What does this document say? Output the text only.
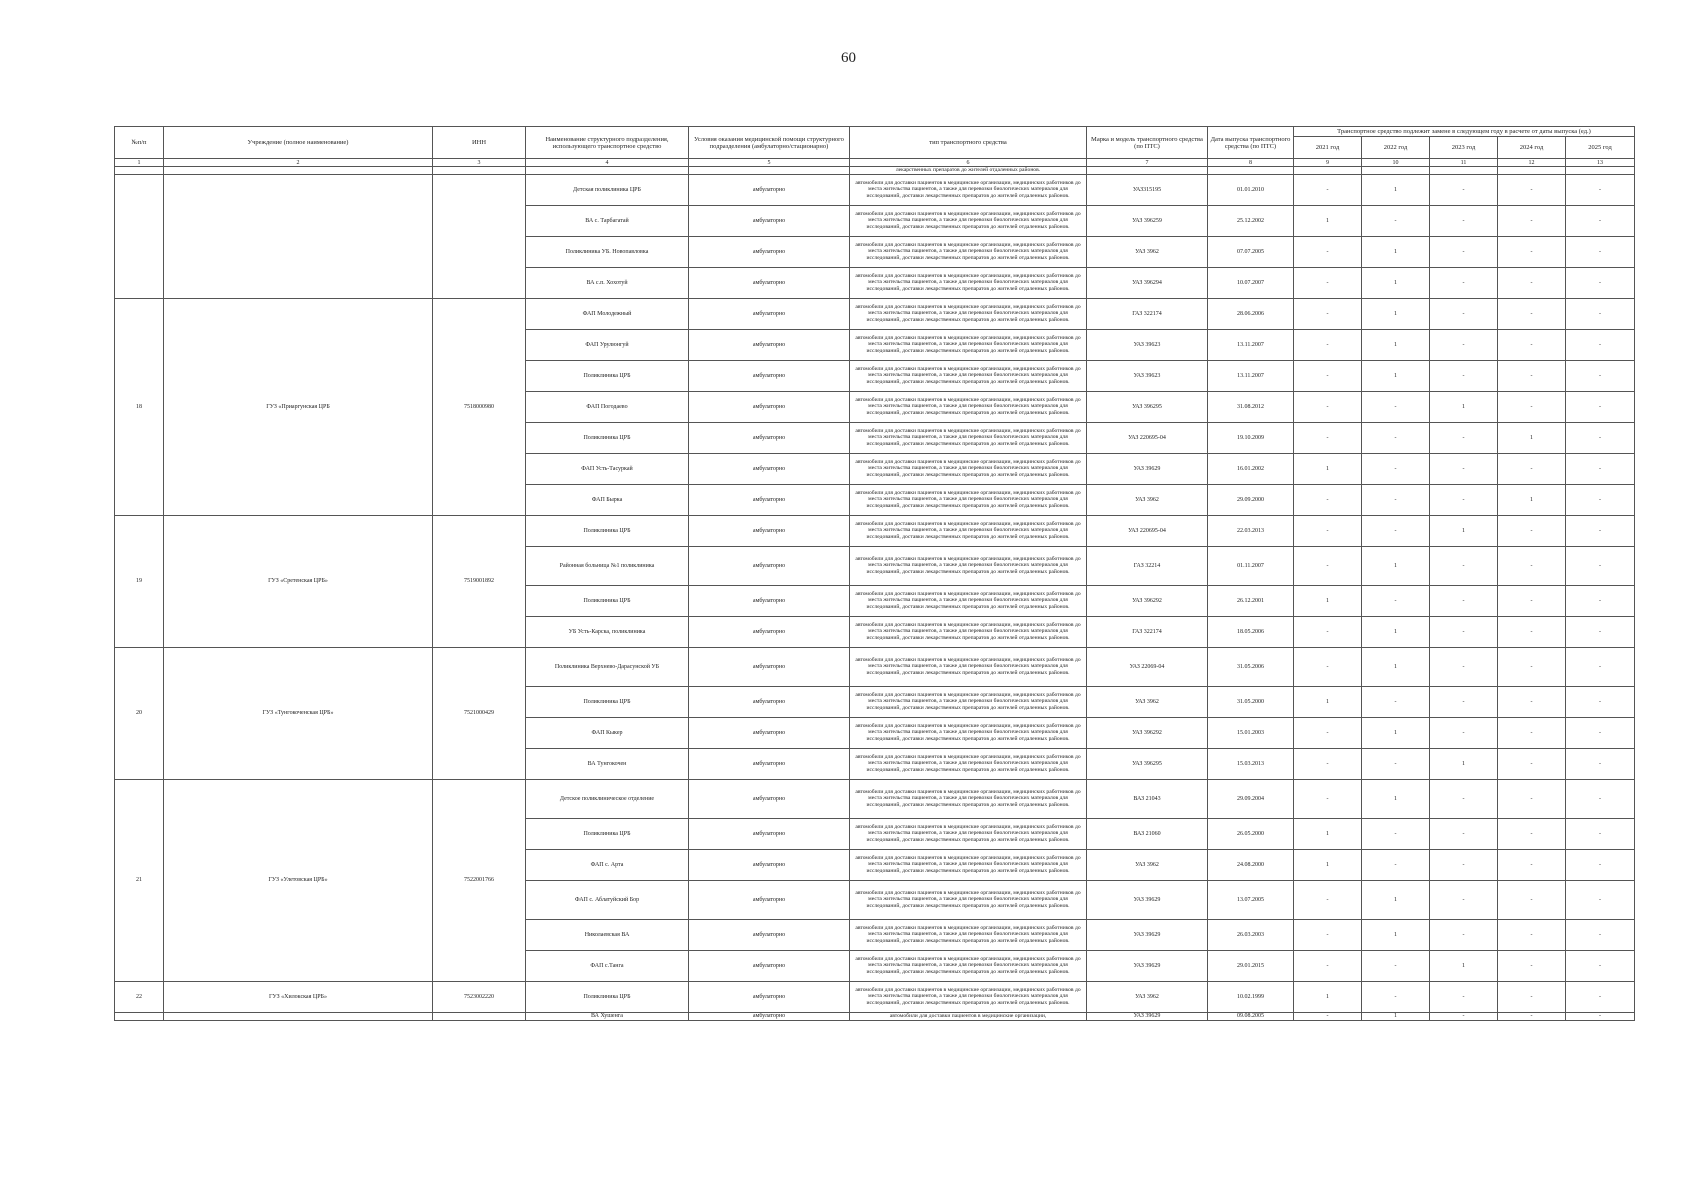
60
№п/п	Учреждение (полное наименование)	ИНН	Наименование структурного подразделения, использующего транспортное средство	Условия оказания медицинской помощи структурного подразделения (амбулаторно/стационарно)	тип транспортного средства	Марка и модель транспортного средства (по ПТС)	Дата выпуска транспортного средства (по ПТС)	Транспортное средство подлежит замене в следующем году в расчете от даты выпуска (ед.)				
								2021 год	2022 год	2023 год	2024 год	2025 год
1	2	3	4	5	6	7	8	9	10	11	12	13
					лекарственных препаратов до жителей отдаленных районов.							
			Детская поликлиника ЦРБ	амбулаторно	автомобили для доставки пациентов в медицинские организации, медицинских работников до места жительства пациентов, а также для перевозки биологических материалов для исследований, доставки лекарственных препаратов до жителей отдаленных районов.	УАЗ315195	01.01.2010	-	1	-	-	-
			ВА с. Тарбагатай	амбулаторно	автомобили для доставки пациентов в медицинские организации, медицинских работников до места жительства пациентов, а также для перевозки биологических материалов для исследований, доставки лекарственных препаратов до жителей отдаленных районов.	УАЗ 396259	25.12.2002	1	-	-	-	-
			Поликлиника УБ. Новопавловка	амбулаторно	автомобили для доставки пациентов в медицинские организации, медицинских работников до места жительства пациентов, а также для перевозки биологических материалов для исследований, доставки лекарственных препаратов до жителей отдаленных районов.	УАЗ 3962	07.07.2005	-	1	-	-	-
			ВА с.п. Хохотуй	амбулаторно	автомобили для доставки пациентов в медицинские организации, медицинских работников до места жительства пациентов, а также для перевозки биологических материалов для исследований, доставки лекарственных препаратов до жителей отдаленных районов.	УАЗ 396294	10.07.2007	-	1	-	-	-
18	ГУЗ «Приаргунская ЦРБ	7518000980	ФАП Молодежный	амбулаторно	автомобили для доставки пациентов в медицинские организации, медицинских работников до места жительства пациентов, а также для перевозки биологических материалов для исследований, доставки лекарственных препаратов до жителей отдаленных районов.	ГАЗ 322174	28.06.2006	-	1	-	-	-
			ФАП Урулюнгуй	амбулаторно	автомобили для доставки пациентов в медицинские организации, медицинских работников до места жительства пациентов, а также для перевозки биологических материалов для исследований, доставки лекарственных препаратов до жителей отдаленных районов.	УАЗ 39623	13.11.2007	-	1	-	-	-
			Поликлиника ЦРБ	амбулаторно	автомобили для доставки пациентов в медицинские организации, медицинских работников до места жительства пациентов, а также для перевозки биологических материалов для исследований, доставки лекарственных препаратов до жителей отдаленных районов.	УАЗ 39623	13.11.2007	-	1	-	-	-
			ФАП Погодаево	амбулаторно	автомобили для доставки пациентов в медицинские организации, медицинских работников до места жительства пациентов, а также для перевозки биологических материалов для исследований, доставки лекарственных препаратов до жителей отдаленных районов.	УАЗ 396295	31.08.2012	-	-	1	-	-
			Поликлиника ЦРБ	амбулаторно	автомобили для доставки пациентов в медицинские организации, медицинских работников до места жительства пациентов, а также для перевозки биологических материалов для исследований, доставки лекарственных препаратов до жителей отдаленных районов.	УАЗ 220695-04	19.10.2009	-	-	-	1	-
			ФАП Усть-Тасуркай	амбулаторно	автомобили для доставки пациентов в медицинские организации, медицинских работников до места жительства пациентов, а также для перевозки биологических материалов для исследований, доставки лекарственных препаратов до жителей отдаленных районов.	УАЗ 39629	16.01.2002	1	-	-	-	-
			ФАП Бырка	амбулаторно	автомобили для доставки пациентов в медицинские организации, медицинских работников до места жительства пациентов, а также для перевозки биологических материалов для исследований, доставки лекарственных препаратов до жителей отдаленных районов.	УАЗ 3962	29.09.2000	-	-	-	1	-
19	ГУЗ «Сретенская ЦРБ»	7519001892	Поликлиника ЦРБ	амбулаторно	автомобили для доставки пациентов в медицинские организации, медицинских работников до места жительства пациентов, а также для перевозки биологических материалов для исследований, доставки лекарственных препаратов до жителей отдаленных районов.	УАЗ 220695-04	22.03.2013	-	-	1	-	-
			Районная больница №1 поликлиника	амбулаторно	автомобили для доставки пациентов в медицинские организации, медицинских работников до места жительства пациентов, а также для перевозки биологических материалов для исследований, доставки лекарственных препаратов до жителей отдаленных районов.	ГАЗ 32214	01.11.2007	-	1	-	-	-
			Поликлиника ЦРБ	амбулаторно	автомобили для доставки пациентов в медицинские организации, медицинских работников до места жительства пациентов, а также для перевозки биологических материалов для исследований, доставки лекарственных препаратов до жителей отдаленных районов.	УАЗ 396292	26.12.2001	1	-	-	-	-
			УБ Усть-Карска, поликлиника	амбулаторно	автомобили для доставки пациентов в медицинские организации, медицинских работников до места жительства пациентов, а также для перевозки биологических материалов для исследований, доставки лекарственных препаратов до жителей отдаленных районов.	ГАЗ 322174	18.05.2006	-	1	-	-	-
20	ГУЗ «Тунгокоченская ЦРБ»	7521000429	Поликлиника Верхнево-Дарасунской УБ	амбулаторно	автомобили для доставки пациентов в медицинские организации, медицинских работников до места жительства пациентов, а также для перевозки биологических материалов для исследований, доставки лекарственных препаратов до жителей отдаленных районов.	УАЗ 22069-04	31.05.2006	-	1	-	-	-
			Поликлиника ЦРБ	амбулаторно	автомобили для доставки пациентов в медицинские организации, медицинских работников до места жительства пациентов, а также для перевозки биологических материалов для исследований, доставки лекарственных препаратов до жителей отдаленных районов.	УАЗ 3962	31.05.2000	1	-	-	-	-
			ФАП Кыкер	амбулаторно	автомобили для доставки пациентов в медицинские организации, медицинских работников до места жительства пациентов, а также для перевозки биологических материалов для исследований, доставки лекарственных препаратов до жителей отдаленных районов.	УАЗ 396292	15.01.2003	-	1	-	-	-
			ВА Тунгокочен	амбулаторно	автомобили для доставки пациентов в медицинские организации, медицинских работников до места жительства пациентов, а также для перевозки биологических материалов для исследований, доставки лекарственных препаратов до жителей отдаленных районов.	УАЗ 396295	15.03.2013	-	-	1	-	-
21	ГУЗ «Улетовская ЦРБ»	7522001766	Детское поликлиническое отделение	амбулаторно	автомобили для доставки пациентов в медицинские организации, медицинских работников до места жительства пациентов, а также для перевозки биологических материалов для исследований, доставки лекарственных препаратов до жителей отдаленных районов.	ВАЗ 21043	29.09.2004	-	1	-	-	-
			Поликлиника ЦРБ	амбулаторно	автомобили для доставки пациентов в медицинские организации, медицинских работников до места жительства пациентов, а также для перевозки биологических материалов для исследований, доставки лекарственных препаратов до жителей отдаленных районов.	ВАЗ 21060	26.05.2000	1	-	-	-	-
			ФАП с. Арта	амбулаторно	автомобили для доставки пациентов в медицинские организации, медицинских работников до места жительства пациентов, а также для перевозки биологических материалов для исследований, доставки лекарственных препаратов до жителей отдаленных районов.	УАЗ 3962	24.08.2000	1	-	-	-	-
			ФАП с. Аблатуйский Бор	амбулаторно	автомобили для доставки пациентов в медицинские организации, медицинских работников до места жительства пациентов, а также для перевозки биологических материалов для исследований, доставки лекарственных препаратов до жителей отдаленных районов.	УАЗ 39629	13.07.2005	-	1	-	-	-
			Николаевская ВА	амбулаторно	автомобили для доставки пациентов в медицинские организации, медицинских работников до места жительства пациентов, а также для перевозки биологических материалов для исследований, доставки лекарственных препаратов до жителей отдаленных районов.	УАЗ 39629	26.03.2003	-	1	-	-	-
			ФАП с.Тангa	амбулаторно	автомобили для доставки пациентов в медицинские организации, медицинских работников до места жительства пациентов, а также для перевозки биологических материалов для исследований, доставки лекарственных препаратов до жителей отдаленных районов.	УАЗ 39629	29.01.2015	-	-	1	-	-
22	ГУЗ «Хилокская ЦРБ»	7523002220	Поликлиника ЦРБ	амбулаторно	автомобили для доставки пациентов в медицинские организации, медицинских работников до места жительства пациентов, а также для перевозки биологических материалов для исследований, доставки лекарственных препаратов до жителей отдаленных районов.	УАЗ 3962	10.02.1999	1	-	-	-	-
			ВА Хушенга	амбулаторно	автомобили для доставки пациентов в медицинские организации,	УАЗ 39629	09.08.2005	-	1	-	-	-
